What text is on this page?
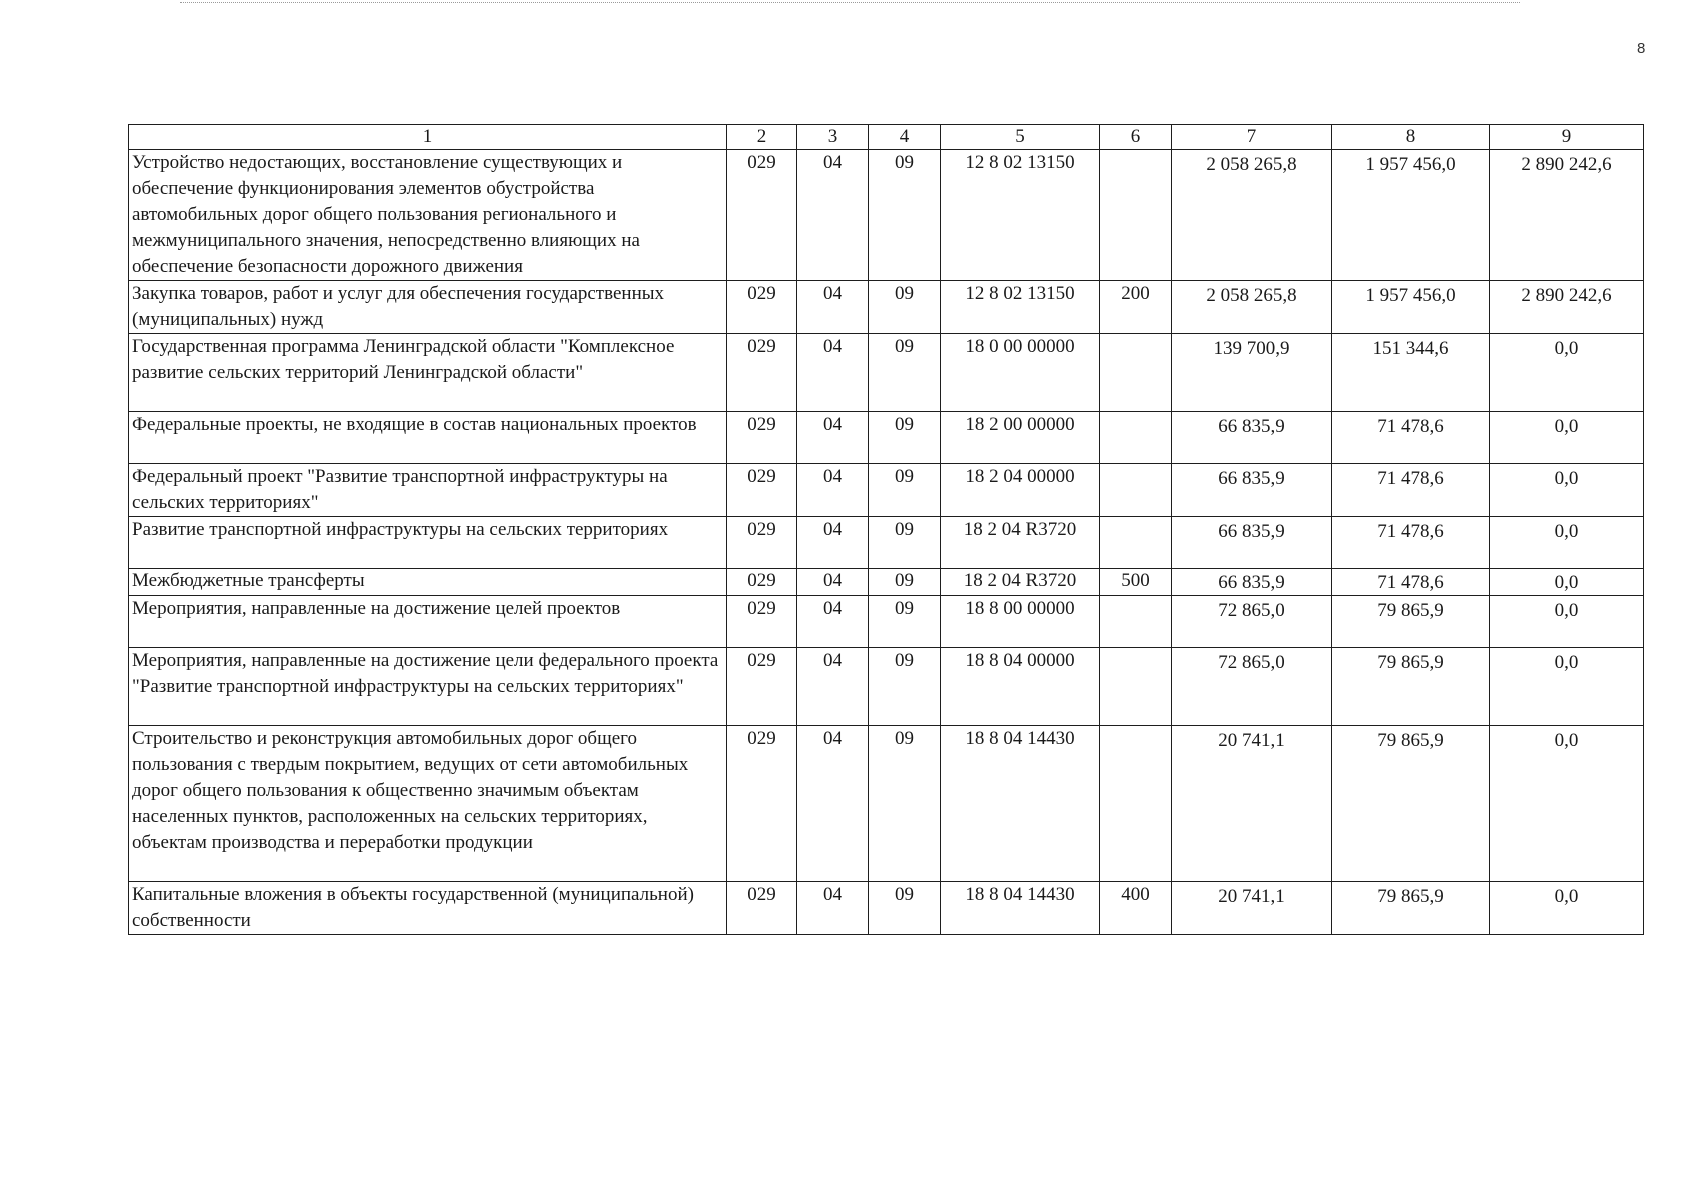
8
1	2	3	4	5	6	7	8	9
Устройство недостающих, восстановление существующих и обеспечение функционирования элементов обустройства автомобильных дорог общего пользования регионального и межмуниципального значения, непосредственно влияющих на обеспечение безопасности дорожного движения	029	04	09	12 8 02 13150		2 058 265,8	1 957 456,0	2 890 242,6
Закупка товаров, работ и услуг для обеспечения государственных (муниципальных) нужд	029	04	09	12 8 02 13150	200	2 058 265,8	1 957 456,0	2 890 242,6
Государственная программа Ленинградской области "Комплексное развитие сельских территорий Ленинградской области"	029	04	09	18 0 00 00000		139 700,9	151 344,6	0,0
Федеральные проекты, не входящие в состав национальных проектов	029	04	09	18 2 00 00000		66 835,9	71 478,6	0,0
Федеральный проект "Развитие транспортной инфраструктуры на сельских территориях"	029	04	09	18 2 04 00000		66 835,9	71 478,6	0,0
Развитие транспортной инфраструктуры на сельских территориях	029	04	09	18 2 04 R3720		66 835,9	71 478,6	0,0
Межбюджетные трансферты	029	04	09	18 2 04 R3720	500	66 835,9	71 478,6	0,0
Мероприятия, направленные на достижение целей проектов	029	04	09	18 8 00 00000		72 865,0	79 865,9	0,0
Мероприятия, направленные на достижение цели федерального проекта "Развитие транспортной инфраструктуры на сельских территориях"	029	04	09	18 8 04 00000		72 865,0	79 865,9	0,0
Строительство и реконструкция автомобильных дорог общего пользования с твердым покрытием, ведущих от сети автомобильных дорог общего пользования к общественно значимым объектам населенных пунктов, расположенных на сельских территориях, объектам производства и переработки продукции	029	04	09	18 8 04 14430		20 741,1	79 865,9	0,0
Капитальные вложения в объекты государственной (муниципальной) собственности	029	04	09	18 8 04 14430	400	20 741,1	79 865,9	0,0
